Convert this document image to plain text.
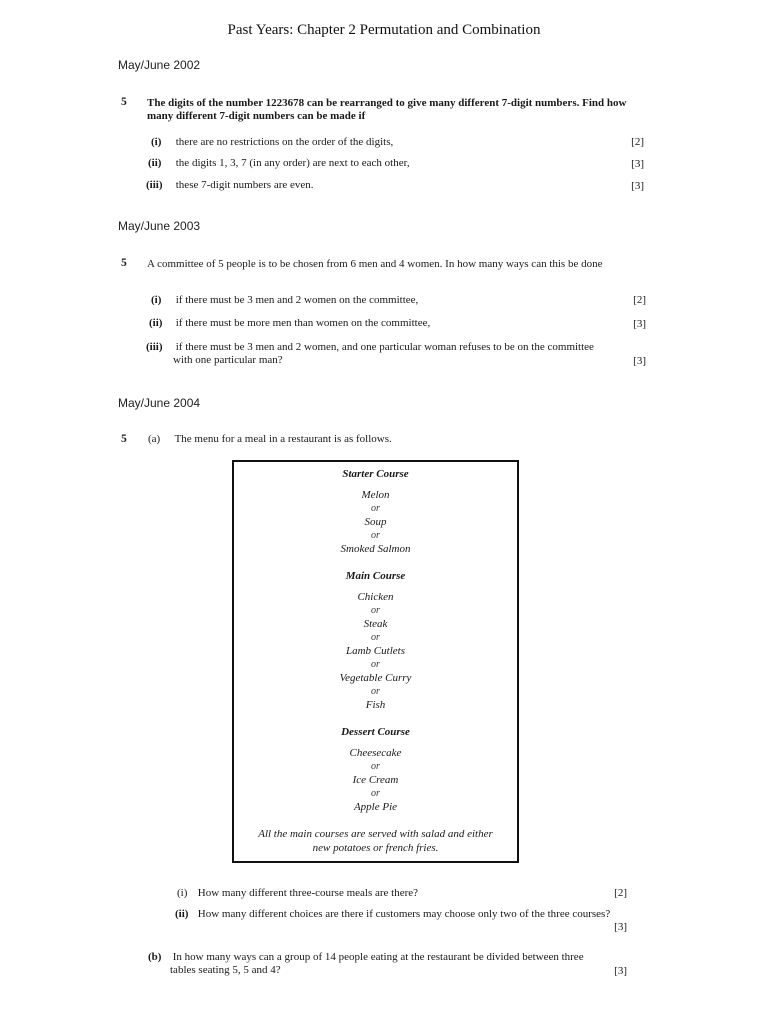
Past Years: Chapter 2 Permutation and Combination
May/June 2002
5 The digits of the number 1223678 can be rearranged to give many different 7-digit numbers. Find how many different 7-digit numbers can be made if
(i) there are no restrictions on the order of the digits,	[2]
(ii) the digits 1, 3, 7 (in any order) are next to each other,	[3]
(iii) these 7-digit numbers are even.	[3]
May/June 2003
5 A committee of 5 people is to be chosen from 6 men and 4 women. In how many ways can this be done
(i) if there must be 3 men and 2 women on the committee,	[2]
(ii) if there must be more men than women on the committee,	[3]
(iii) if there must be 3 men and 2 women, and one particular woman refuses to be on the committee
with one particular man?	[3]
May/June 2004
5 (a) The menu for a meal in a restaurant is as follows.
Starter Course
Melon
or
Soup
or
Smoked Salmon
Main Course
Chicken
or
Steak
or
Lamb Cutlets
or
Vegetable Curry
or
Fish
Dessert Course
Cheesecake
or
Ice Cream
or
Apple Pie
All the main courses are served with salad and either
new potatoes or french fries.
(i) How many different three-course meals are there?	[2]
(ii) How many different choices are there if customers may choose only two of the three courses?
[3]
(b) In how many ways can a group of 14 people eating at the restaurant be divided between three
tables seating 5, 5 and 4?	[3]
